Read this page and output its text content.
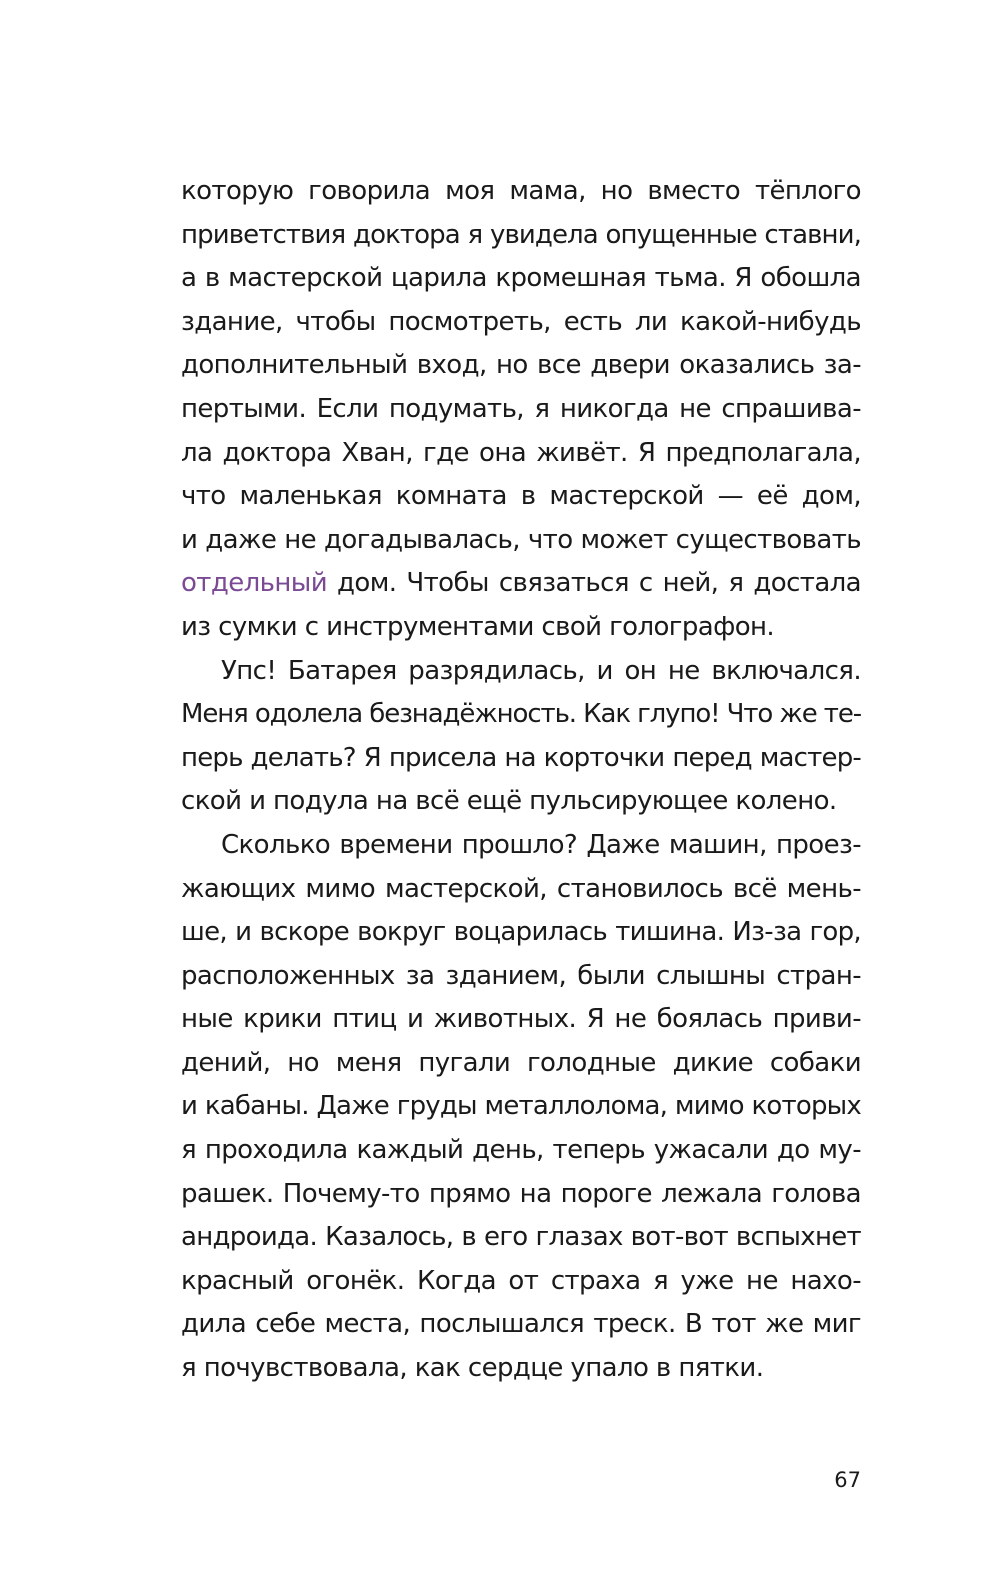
которую говорила моя мама, но вместо тёплого
приветствия доктора я увидела опущенные ставни,
а в мастерской царила кромешная тьма. Я обошла
здание, чтобы посмотреть, есть ли какой-нибудь
дополнительный вход, но все двери оказались за-
пертыми. Если подумать, я никогда не спрашива-
ла доктора Хван, где она живёт. Я предполагала,
что маленькая комната в мастерской — её дом,
и даже не догадывалась, что может существовать
отдельный дом. Чтобы связаться с ней, я достала
из сумки с инструментами свой голографон.
Упс! Батарея разрядилась, и он не включался.
Меня одолела безнадёжность. Как глупо! Что же те-
перь делать? Я присела на корточки перед мастер-
ской и подула на всё ещё пульсирующее колено.
Сколько времени прошло? Даже машин, проез-
жающих мимо мастерской, становилось всё мень-
ше, и вскоре вокруг воцарилась тишина. Из-за гор,
расположенных за зданием, были слышны стран-
ные крики птиц и животных. Я не боялась приви-
дений, но меня пугали голодные дикие собаки
и кабаны. Даже груды металлолома, мимо которых
я проходила каждый день, теперь ужасали до му-
рашек. Почему-то прямо на пороге лежала голова
андроида. Казалось, в его глазах вот-вот вспыхнет
красный огонёк. Когда от страха я уже не нахо-
дила себе места, послышался треск. В тот же миг
я почувствовала, как сердце упало в пятки.
67
